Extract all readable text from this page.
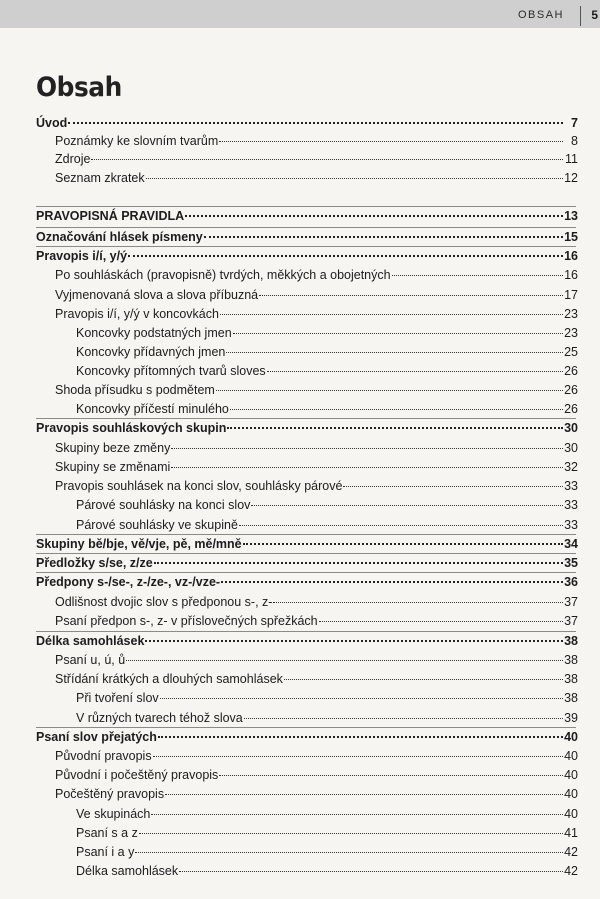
OBSAH 5
Obsah
Úvod	7
Poznámky ke slovním tvarům	8
Zdroje	11
Seznam zkratek	12
PRAVOPISNÁ PRAVIDLA	13
Označování hlásek písmeny	15
Pravopis i/í, y/ý	16
Po souhláskách (pravopisně) tvrdých, měkkých a obojetných	16
Vyjmenovaná slova a slova příbuzná	17
Pravopis i/í, y/ý v koncovkách	23
Koncovky podstatných jmen	23
Koncovky přídavných jmen	25
Koncovky přítomných tvarů sloves	26
Shoda přísudku s podmětem	26
Koncovky příčestí minulého	26
Pravopis souhláskových skupin	30
Skupiny beze změny	30
Skupiny se změnami	32
Pravopis souhlásek na konci slov, souhlásky párové	33
Párové souhlásky na konci slov	33
Párové souhlásky ve skupině	33
Skupiny bě/bje, vě/vje, pě, mě/mně	34
Předložky s/se, z/ze	35
Předpony s-/se-, z-/ze-, vz-/vze-	36
Odlišnost dvojic slov s předponou s-, z-	37
Psaní předpon s-, z- v příslovečných spřežkách	37
Délka samohlásek	38
Psaní u, ú, ů	38
Střídání krátkých a dlouhých samohlásek	38
Při tvoření slov	38
V různých tvarech téhož slova	39
Psaní slov přejatých	40
Původní pravopis	40
Původní i počeštěný pravopis	40
Počeštěný pravopis	40
Ve skupinách	40
Psaní s a z	41
Psaní i a y	42
Délka samohlásek	42
